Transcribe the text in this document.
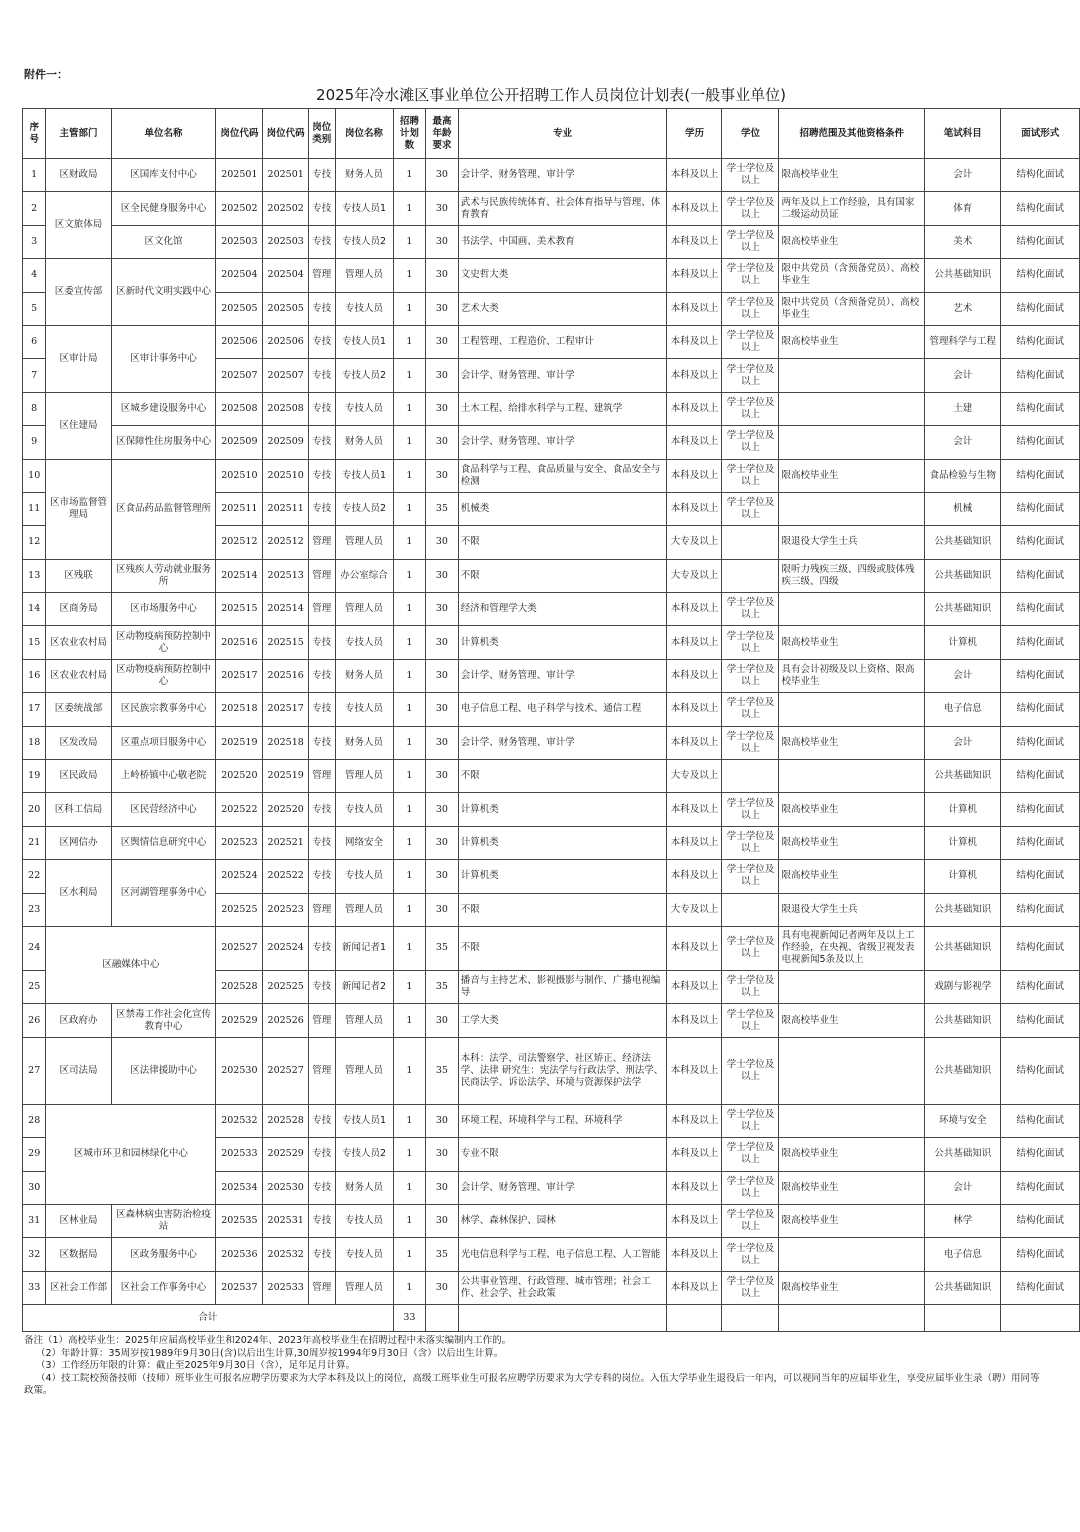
附件一：
2025年冷水滩区事业单位公开招聘工作人员岗位计划表(一般事业单位)
序号	主管部门	单位名称	岗位代码	岗位代码	岗位类别	岗位名称	招聘计划数	最高年龄要求	专业	学历	学位	招聘范围及其他资格条件	笔试科目	面试形式
1	区财政局	区国库支付中心	202501	202501	专技	财务人员	1	30	会计学、财务管理、审计学	本科及以上	学士学位及以上	限高校毕业生	会计	结构化面试
2	区文旅体局	区全民健身服务中心	202502	202502	专技	专技人员1	1	30	武术与民族传统体育、社会体育指导与管理、体育教育	本科及以上	学士学位及以上	两年及以上工作经验，具有国家二级运动员证	体育	结构化面试
3		区文化馆	202503	202503	专技	专技人员2	1	30	书法学、中国画、美术教育	本科及以上	学士学位及以上	限高校毕业生	美术	结构化面试
4	区委宣传部	区新时代文明实践中心	202504	202504	管理	管理人员	1	30	文史哲大类	本科及以上	学士学位及以上	限中共党员（含预备党员）、高校毕业生	公共基础知识	结构化面试
5			202505	202505	专技	专技人员	1	30	艺术大类	本科及以上	学士学位及以上	限中共党员（含预备党员）、高校毕业生	艺术	结构化面试
6	区审计局	区审计事务中心	202506	202506	专技	专技人员1	1	30	工程管理、工程造价、工程审计	本科及以上	学士学位及以上	限高校毕业生	管理科学与工程	结构化面试
7			202507	202507	专技	专技人员2	1	30	会计学、财务管理、审计学	本科及以上	学士学位及以上		会计	结构化面试
8	区住建局	区城乡建设服务中心	202508	202508	专技	专技人员	1	30	土木工程、给排水科学与工程、建筑学	本科及以上	学士学位及以上		土建	结构化面试
9		区保障性住房服务中心	202509	202509	专技	财务人员	1	30	会计学、财务管理、审计学	本科及以上	学士学位及以上		会计	结构化面试
10	区市场监督管理局	区食品药品监督管理所	202510	202510	专技	专技人员1	1	30	食品科学与工程、食品质量与安全、食品安全与检测	本科及以上	学士学位及以上	限高校毕业生	食品检验与生物	结构化面试
11			202511	202511	专技	专技人员2	1	35	机械类	本科及以上	学士学位及以上		机械	结构化面试
12			202512	202512	管理	管理人员	1	30	不限	大专及以上		限退役大学生士兵	公共基础知识	结构化面试
13	区残联	区残疾人劳动就业服务所	202514	202513	管理	办公室综合	1	30	不限	大专及以上		限听力残疾三级、四级或肢体残疾三级、四级	公共基础知识	结构化面试
14	区商务局	区市场服务中心	202515	202514	管理	管理人员	1	30	经济和管理学大类	本科及以上	学士学位及以上		公共基础知识	结构化面试
15	区农业农村局	区动物疫病预防控制中心	202516	202515	专技	专技人员	1	30	计算机类	本科及以上	学士学位及以上	限高校毕业生	计算机	结构化面试
16	区农业农村局	区动物疫病预防控制中心	202517	202516	专技	财务人员	1	30	会计学、财务管理、审计学	本科及以上	学士学位及以上	具有会计初级及以上资格、限高校毕业生	会计	结构化面试
17	区委统战部	区民族宗教事务中心	202518	202517	专技	专技人员	1	30	电子信息工程、电子科学与技术、通信工程	本科及以上	学士学位及以上		电子信息	结构化面试
18	区发改局	区重点项目服务中心	202519	202518	专技	财务人员	1	30	会计学、财务管理、审计学	本科及以上	学士学位及以上	限高校毕业生	会计	结构化面试
19	区民政局	上岭桥镇中心敬老院	202520	202519	管理	管理人员	1	30	不限	大专及以上			公共基础知识	结构化面试
20	区科工信局	区民营经济中心	202522	202520	专技	专技人员	1	30	计算机类	本科及以上	学士学位及以上	限高校毕业生	计算机	结构化面试
21	区网信办	区舆情信息研究中心	202523	202521	专技	网络安全	1	30	计算机类	本科及以上	学士学位及以上	限高校毕业生	计算机	结构化面试
22	区水利局	区河湖管理事务中心	202524	202522	专技	专技人员	1	30	计算机类	本科及以上	学士学位及以上	限高校毕业生	计算机	结构化面试
23			202525	202523	管理	管理人员	1	30	不限	大专及以上		限退役大学生士兵	公共基础知识	结构化面试
24	区融媒体中心		202527	202524	专技	新闻记者1	1	35	不限	本科及以上	学士学位及以上	具有电视新闻记者两年及以上工作经验，在央视、省级卫视发表电视新闻5条及以上	公共基础知识	结构化面试
25			202528	202525	专技	新闻记者2	1	35	播音与主持艺术、影视摄影与制作、广播电视编导	本科及以上	学士学位及以上		戏剧与影视学	结构化面试
26	区政府办	区禁毒工作社会化宣传教育中心	202529	202526	管理	管理人员	1	30	工学大类	本科及以上	学士学位及以上	限高校毕业生	公共基础知识	结构化面试
27	区司法局	区法律援助中心	202530	202527	管理	管理人员	1	35	本科：法学、司法警察学、社区矫正、经济法学、法律 研究生：宪法学与行政法学、刑法学、民商法学、诉讼法学、环境与资源保护法学	本科及以上	学士学位及以上		公共基础知识	结构化面试
28	区城市环卫和园林绿化中心		202532	202528	专技	专技人员1	1	30	环境工程、环境科学与工程、环境科学	本科及以上	学士学位及以上		环境与安全	结构化面试
29			202533	202529	专技	专技人员2	1	30	专业不限	本科及以上	学士学位及以上	限高校毕业生	公共基础知识	结构化面试
30			202534	202530	专技	财务人员	1	30	会计学、财务管理、审计学	本科及以上	学士学位及以上	限高校毕业生	会计	结构化面试
31	区林业局	区森林病虫害防治检疫站	202535	202531	专技	专技人员	1	30	林学、森林保护、园林	本科及以上	学士学位及以上	限高校毕业生	林学	结构化面试
32	区数据局	区政务服务中心	202536	202532	专技	专技人员	1	35	光电信息科学与工程、电子信息工程、人工智能	本科及以上	学士学位及以上		电子信息	结构化面试
33	区社会工作部	区社会工作事务中心	202537	202533	管理	管理人员	1	30	公共事业管理、行政管理、城市管理；社会工作、社会学、社会政策	本科及以上	学士学位及以上	限高校毕业生	公共基础知识	结构化面试
合计							33							
备注（1）高校毕业生：2025年应届高校毕业生和2024年、2023年高校毕业生在招聘过程中未落实编制内工作的。
（2）年龄计算：35周岁按1989年9月30日(含)以后出生计算,30周岁按1994年9月30日（含）以后出生计算。
（3）工作经历年限的计算：截止至2025年9月30日（含），足年足月计算。
（4）技工院校预备技师（技师）班毕业生可报名应聘学历要求为大学本科及以上的岗位，高级工班毕业生可报名应聘学历要求为大学专科的岗位。入伍大学毕业生退役后一年内，可以视同当年的应届毕业生，享受应届毕业生录（聘）用同等
政策。
